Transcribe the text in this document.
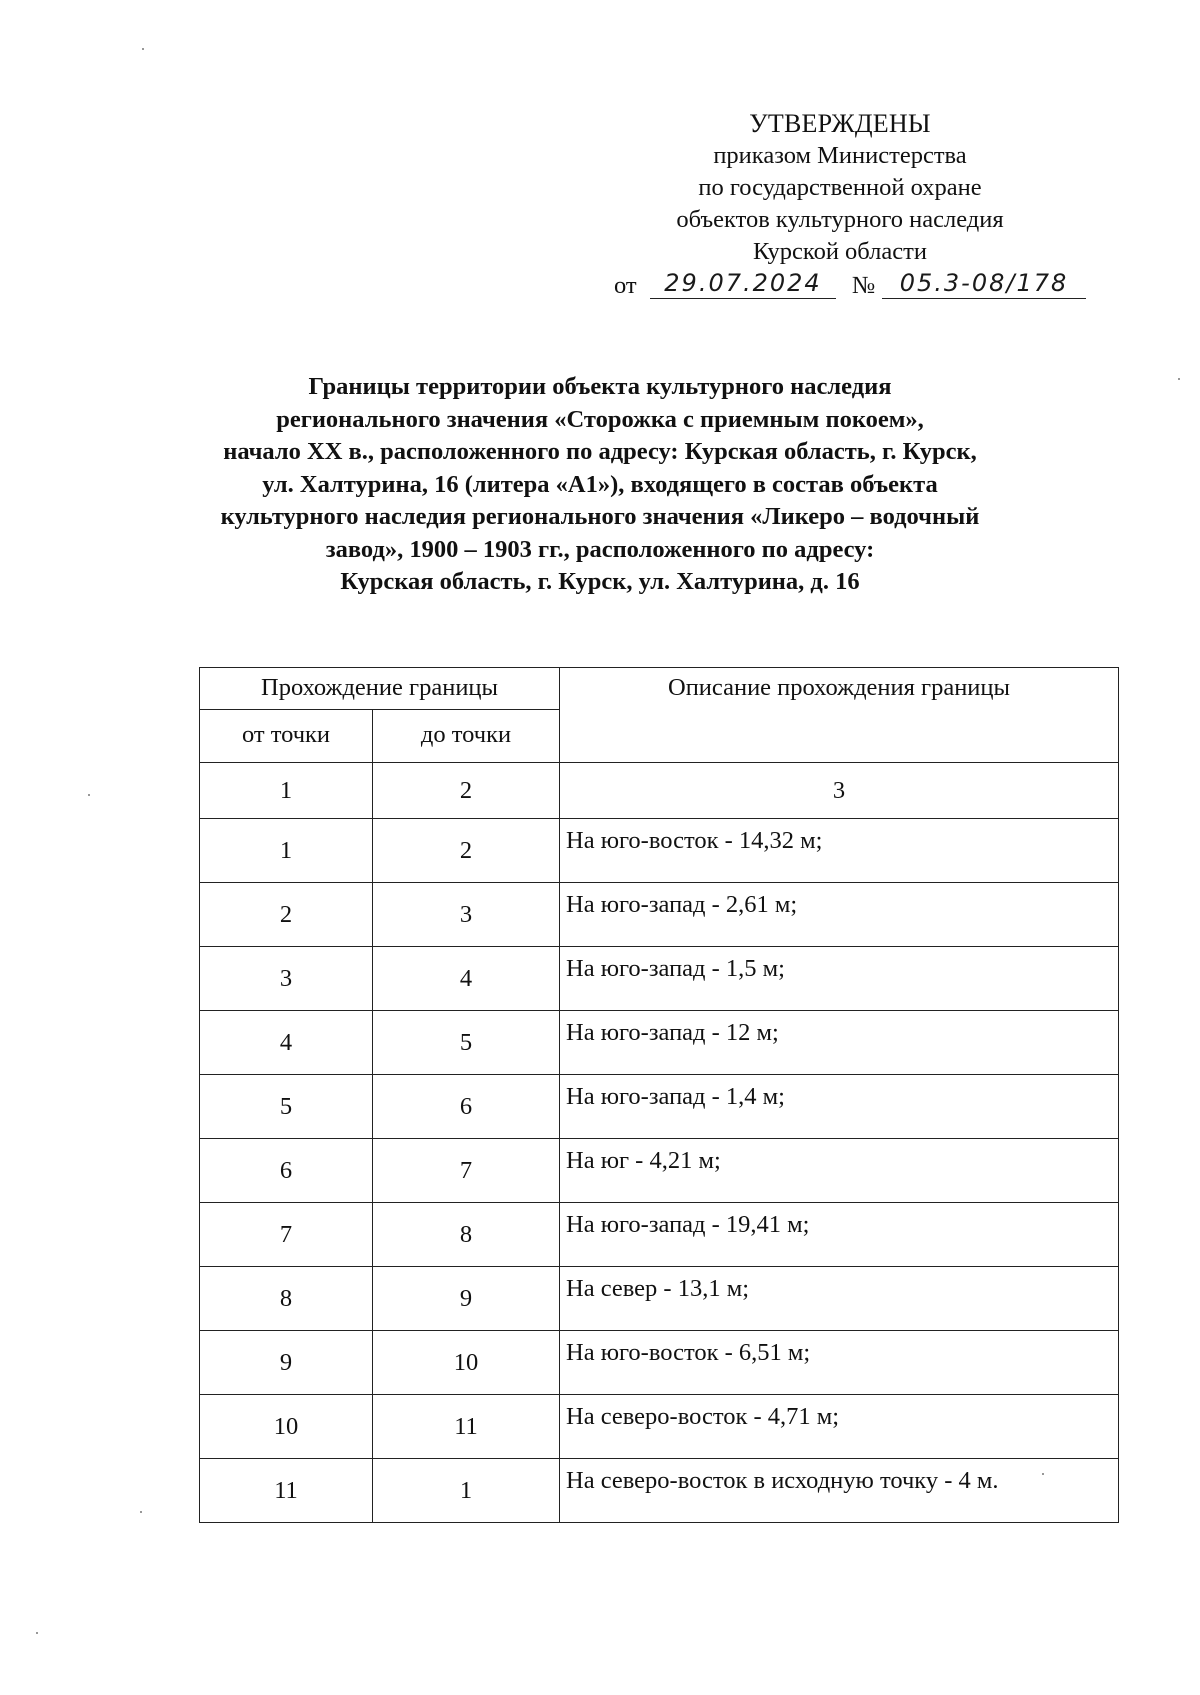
УТВЕРЖДЕНЫ
приказом Министерства
по государственной охране
объектов культурного наследия
Курской области
от	29.07.2024	№	05.3-08/178
Границы территории объекта культурного наследия
регионального значения «Сторожка с приемным покоем»,
начало XX в., расположенного по адресу: Курская область, г. Курск,
ул. Халтурина, 16 (литера «А1»), входящего в состав объекта
культурного наследия регионального значения «Ликеро – водочный
завод», 1900 – 1903 гг., расположенного по адресу:
Курская область, г. Курск, ул. Халтурина, д. 16
Прохождение границы		Описание прохождения границы
от точки	до точки	
1	2	3
1	2	На юго-восток - 14,32 м;
2	3	На юго-запад - 2,61 м;
3	4	На юго-запад - 1,5 м;
4	5	На юго-запад - 12 м;
5	6	На юго-запад - 1,4 м;
6	7	На юг - 4,21 м;
7	8	На юго-запад - 19,41 м;
8	9	На север - 13,1 м;
9	10	На юго-восток - 6,51 м;
10	11	На северо-восток - 4,71 м;
11	1	На северо-восток в исходную точку - 4 м.
